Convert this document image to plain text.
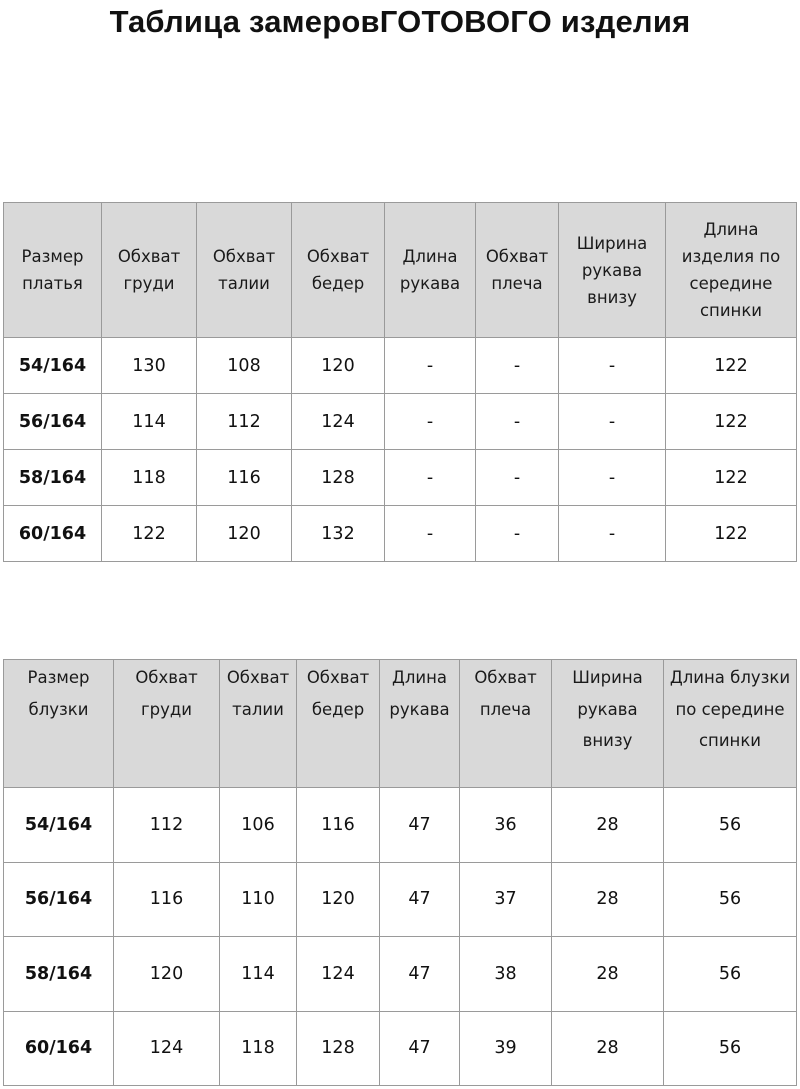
Таблица замеровГОТОВОГО изделия
Размер платья	Обхват груди	Обхват талии	Обхват бедер	Длина рукава	Обхват плеча	Ширина рукава внизу	Длина изделия по середине спинки
54/164	130	108	120	-	-	-	122
56/164	114	112	124	-	-	-	122
58/164	118	116	128	-	-	-	122
60/164	122	120	132	-	-	-	122
Размер блузки	Обхват груди	Обхват талии	Обхват бедер	Длина рукава	Обхват плеча	Ширина рукава внизу	Длина блузки по середине спинки
54/164	112	106	116	47	36	28	56
56/164	116	110	120	47	37	28	56
58/164	120	114	124	47	38	28	56
60/164	124	118	128	47	39	28	56
